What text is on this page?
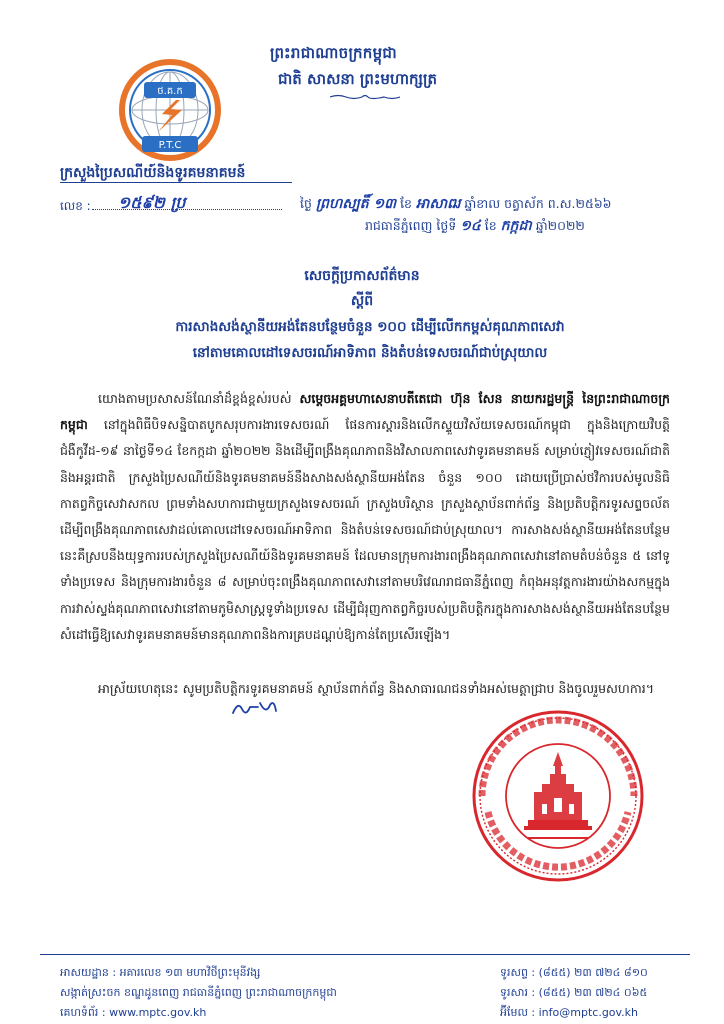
ថ.គ.ក
P.T.C
ព្រះរាជាណាចក្រកម្ពុជា
ជាតិ សាសនា ព្រះមហាក្សត្រ
ក្រសួងប្រៃសណីយ៍និងទូរគមនាគមន៍
លេខ : ១៥៩២ ប្រ	ថ្ងៃ ព្រហស្បតិ៍ ១៣ ខែ អាសាឍ ឆ្នាំខាល ចត្វាស័ក ព.ស.២៥៦៦
រាជធានីភ្នំពេញ ថ្ងៃទី ១៤ ខែ កក្កដា ឆ្នាំ២០២២
សេចក្តីប្រកាសព័ត៌មាន
ស្តីពី
ការសាងសង់ស្ថានីយអង់តែនបន្ថែមចំនួន ១០០ ដើម្បីលើកកម្ពស់គុណភាពសេវា
នៅតាមគោលដៅទេសចរណ៍អាទិភាព និងតំបន់ទេសចរណ៍ជាប់ស្រុយាល
យោងតាមប្រសាសន៍ណែនាំដ៏ខ្ពង់ខ្ពស់របស់ សម្តេចអគ្គមហាសេនាបតីតេជោ ហ៊ុន សែន នាយករដ្ឋមន្ត្រី នៃព្រះរាជាណាចក្រកម្ពុជា នៅក្នុងពិធីបិទសន្និបាតបូកសរុបការងារទេសចរណ៍ ផែនការស្តារនិងលើកស្ទួយវិស័យទេសចរណ៍កម្ពុជា ក្នុងនិងក្រោយវិបត្តិជំងឺកូវីដ-១៩ នាថ្ងៃទី១៤ ខែកក្កដា ឆ្នាំ២០២២ និងដើម្បីពង្រឹងគុណភាពនិងវិសាលភាពសេវាទូរគមនាគមន៍ សម្រាប់ភ្ញៀវទេសចរណ៍ជាតិ និងអន្តរជាតិ ក្រសួងប្រៃសណីយ៍និងទូរគមនាគមន៍នឹងសាងសង់ស្ថានីយអង់តែន ចំនួន ១០០ ដោយប្រើប្រាស់ថវិការបស់មូលនិធិកាតព្វកិច្ចសេវាសកល ព្រមទាំងសហការជាមួយក្រសួងទេសចរណ៍ ក្រសួងបរិស្ថាន ក្រសួងស្ថាប័នពាក់ព័ន្ធ និងប្រតិបត្តិករទូរសព្ទចល័ត ដើម្បីពង្រឹងគុណភាពសេវាដល់គោលដៅទេសចរណ៍អាទិភាព និងតំបន់ទេសចរណ៍ជាប់ស្រុយាល។ ការសាងសង់ស្ថានីយអង់តែនបន្ថែមនេះគឺស្របនឹងយុទ្ធការរបស់ក្រសួងប្រៃសណីយ៍និងទូរគមនាគមន៍ ដែលមានក្រុមការងារពង្រឹងគុណភាពសេវានៅតាមតំបន់ចំនួន ៥ នៅទូទាំងប្រទេស និងក្រុមការងារចំនួន ៨ សម្រាប់ចុះពង្រឹងគុណភាពសេវានៅតាមបរិវេណរាជធានីភ្នំពេញ កំពុងអនុវត្តការងារយ៉ាងសកម្មក្នុងការវាស់ស្ទង់គុណភាពសេវានៅតាមភូមិសាស្ត្រទូទាំងប្រទេស ដើម្បីជំរុញកាតព្វកិច្ចរបស់ប្រតិបត្តិករក្នុងការសាងសង់ស្ថានីយអង់តែនបន្ថែម សំដៅធ្វើឱ្យសេវាទូរគមនាគមន៍មានគុណភាពនិងការគ្របដណ្តប់ឱ្យកាន់តែប្រសើរឡើង។
អាស្រ័យហេតុនេះ សូមប្រតិបត្តិករទូរគមនាគមន៍ ស្ថាប័នពាក់ព័ន្ធ និងសាធារណជនទាំងអស់មេត្តាជ្រាប និងចូលរួមសហការ។
អាសយដ្ឋាន : អគារលេខ ១៣ មហាវិថីព្រះមុនីវង្ស
សង្កាត់ស្រះចក ខណ្ឌដូនពេញ រាជធានីភ្នំពេញ ព្រះរាជាណាចក្រកម្ពុជា
គេហទំព័រ : www.mptc.gov.kh
ទូរសព្ទ : (៨៥៥) ២៣ ៧២៤ ៨១០
ទូរសារ : (៨៥៥) ២៣ ៧២៤ ០៦៥
អ៊ីមែល : info@mptc.gov.kh
